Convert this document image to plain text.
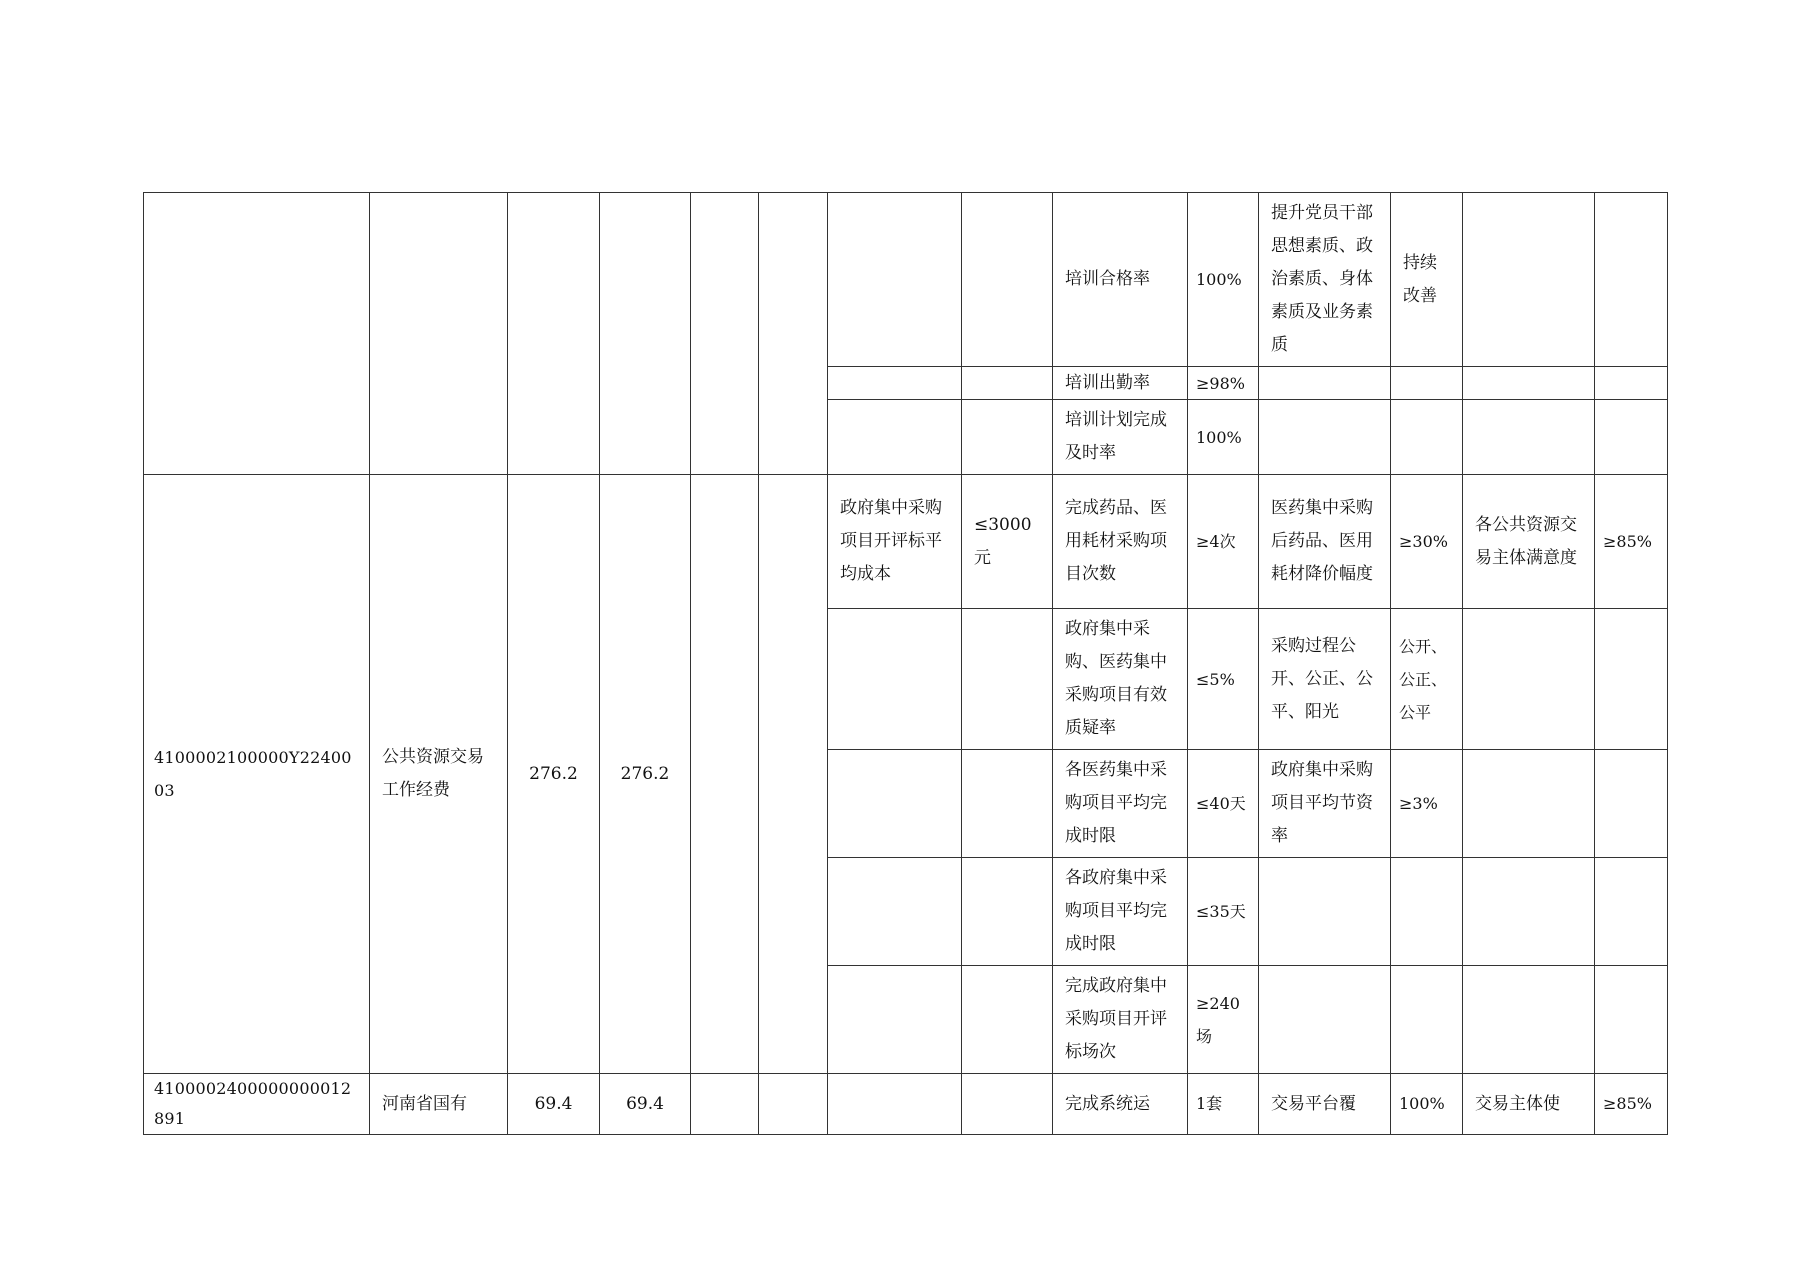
								培训合格率	100%	提升党员干部思想素质、政治素质、身体素质及业务素质	持续改善		
								培训出勤率	≥98%				
								培训计划完成及时率	100%				
4100002100000Y2240003	公共资源交易工作经费	276.2	276.2			政府集中采购项目开评标平均成本	≤3000元	完成药品、医用耗材采购项目次数	≥4次	医药集中采购后药品、医用耗材降价幅度	≥30%	各公共资源交易主体满意度	≥85%
								政府集中采购、医药集中采购项目有效质疑率	≤5%	采购过程公开、公正、公平、阳光	公开、公正、公平		
								各医药集中采购项目平均完成时限	≤40天	政府集中采购项目平均节资率	≥3%		
								各政府集中采购项目平均完成时限	≤35天				
								完成政府集中采购项目开评标场次	≥240场				
4100002400000000012891	河南省国有	69.4	69.4					完成系统运	1套	交易平台覆	100%	交易主体使	≥85%
